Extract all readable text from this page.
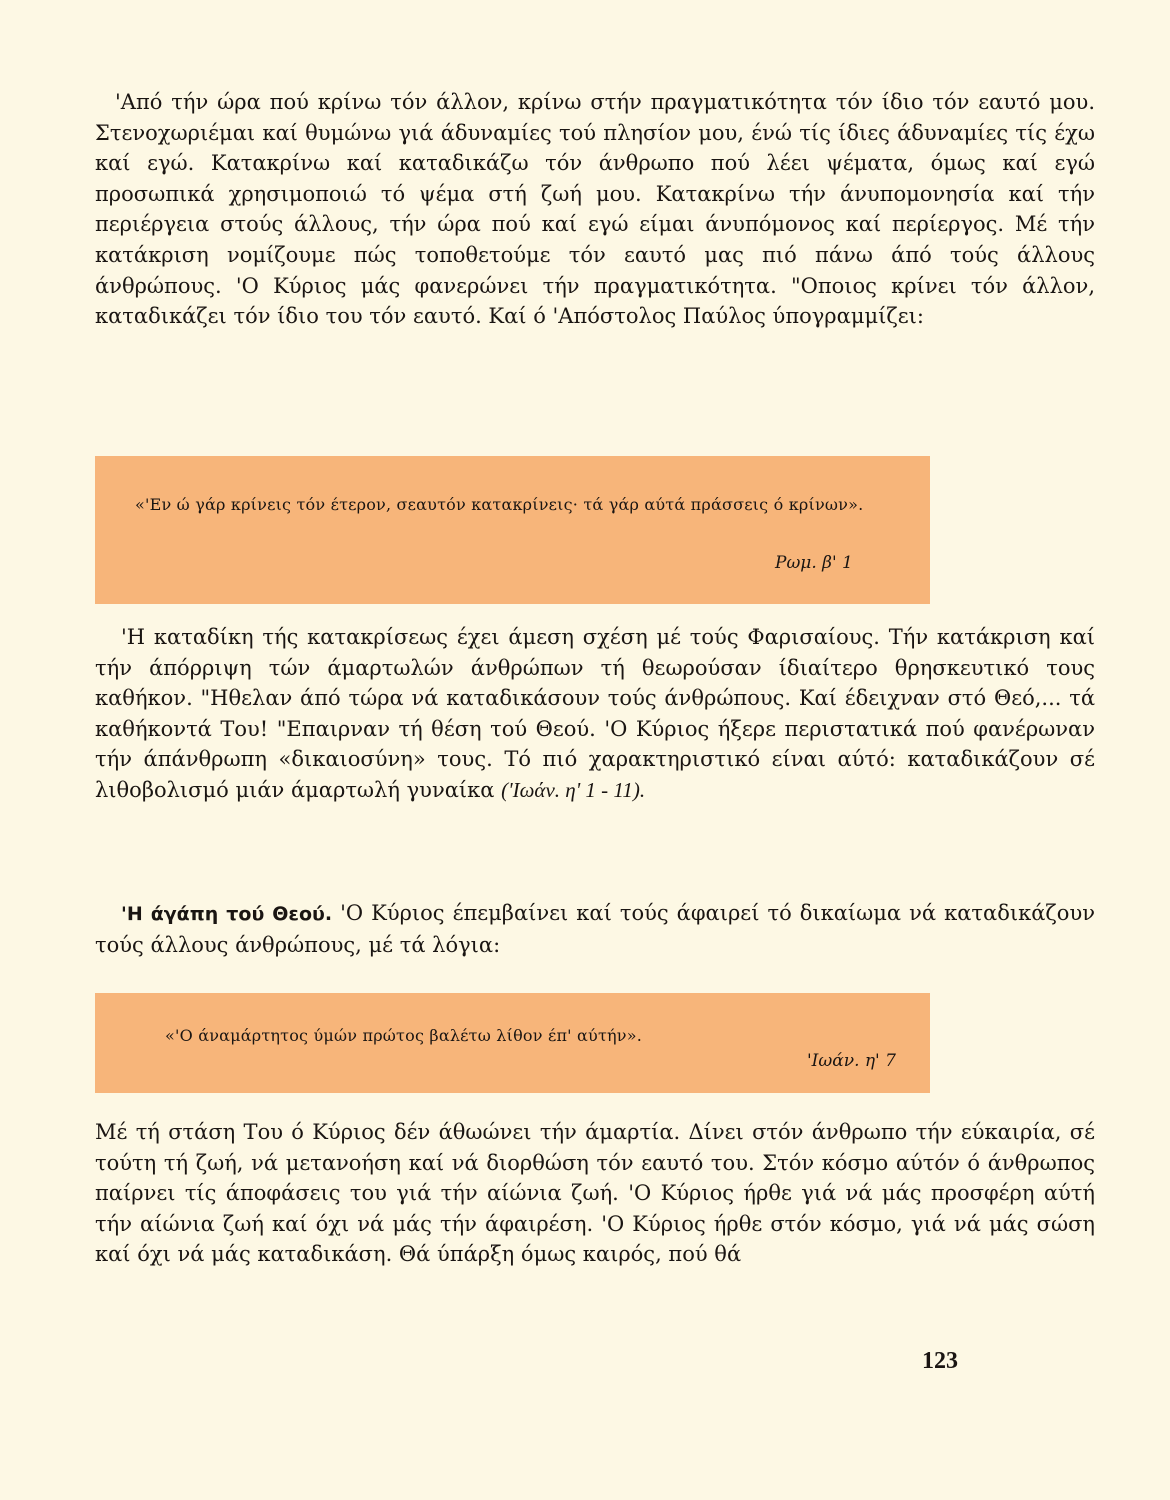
'Από τήν ώρα πού κρίνω τόν άλλον, κρίνω στήν πραγματικότητα τόν ίδιο τόν εαυτό μου. Στενοχωριέμαι καί θυμώνω γιά άδυναμίες τού πλησίον μου, ένώ τίς ίδιες άδυναμίες τίς έχω καί εγώ. Κατακρίνω καί καταδικάζω τόν άνθρωπο πού λέει ψέματα, όμως καί εγώ προσωπικά χρησιμοποιώ τό ψέμα στή ζωή μου. Κατακρίνω τήν άνυπομονησία καί τήν περιέργεια στούς άλλους, τήν ώρα πού καί εγώ είμαι άνυπόμονος καί περίεργος. Μέ τήν κατάκριση νομίζουμε πώς τοποθετούμε τόν εαυτό μας πιό πάνω άπό τούς άλλους άνθρώπους. 'Ο Κύριος μάς φανερώνει τήν πραγματικότητα. "Οποιος κρίνει τόν άλλον, καταδικάζει τόν ίδιο του τόν εαυτό. Καί ό 'Απόστολος Παύλος ύπογραμμίζει:
«'Εν ώ γάρ κρίνεις τόν έτερον, σεαυτόν κατακρίνεις· τά γάρ αύτά πράσσεις ό κρίνων».
Ρωμ. β' 1
'Η καταδίκη τής κατακρίσεως έχει άμεση σχέση μέ τούς Φαρισαίους. Τήν κατάκριση καί τήν άπόρριψη τών άμαρτωλών άνθρώπων τή θεωρούσαν ίδιαίτερο θρησκευτικό τους καθήκον. "Ηθελαν άπό τώρα νά καταδικάσουν τούς άνθρώπους. Καί έδειχναν στό Θεό,... τά καθήκοντά Του! "Επαιρναν τή θέση τού Θεού. 'Ο Κύριος ήξερε περιστατικά πού φανέρωναν τήν άπάνθρωπη «δικαιοσύνη» τους. Τό πιό χαρακτηριστικό είναι αύτό: καταδικάζουν σέ λιθοβολισμό μιάν άμαρτωλή γυναίκα ('Ιωάν. η' 1 - 11).
'Η άγάπη τού Θεού. 'Ο Κύριος έπεμβαίνει καί τούς άφαιρεί τό δικαίωμα νά καταδικάζουν τούς άλλους άνθρώπους, μέ τά λόγια:
«'Ο άναμάρτητος ύμών πρώτος βαλέτω λίθον έπ' αύτήν».
'Ιωάν. η' 7
Μέ τή στάση Του ό Κύριος δέν άθωώνει τήν άμαρτία. Δίνει στόν άνθρωπο τήν εύκαιρία, σέ τούτη τή ζωή, νά μετανοήση καί νά διορθώση τόν εαυτό του. Στόν κόσμο αύτόν ό άνθρωπος παίρνει τίς άποφάσεις του γιά τήν αίώνια ζωή. 'Ο Κύριος ήρθε γιά νά μάς προσφέρη αύτή τήν αίώνια ζωή καί όχι νά μάς τήν άφαιρέση. 'Ο Κύριος ήρθε στόν κόσμο, γιά νά μάς σώση καί όχι νά μάς καταδικάση. Θά ύπάρξη όμως καιρός, πού θά
123
